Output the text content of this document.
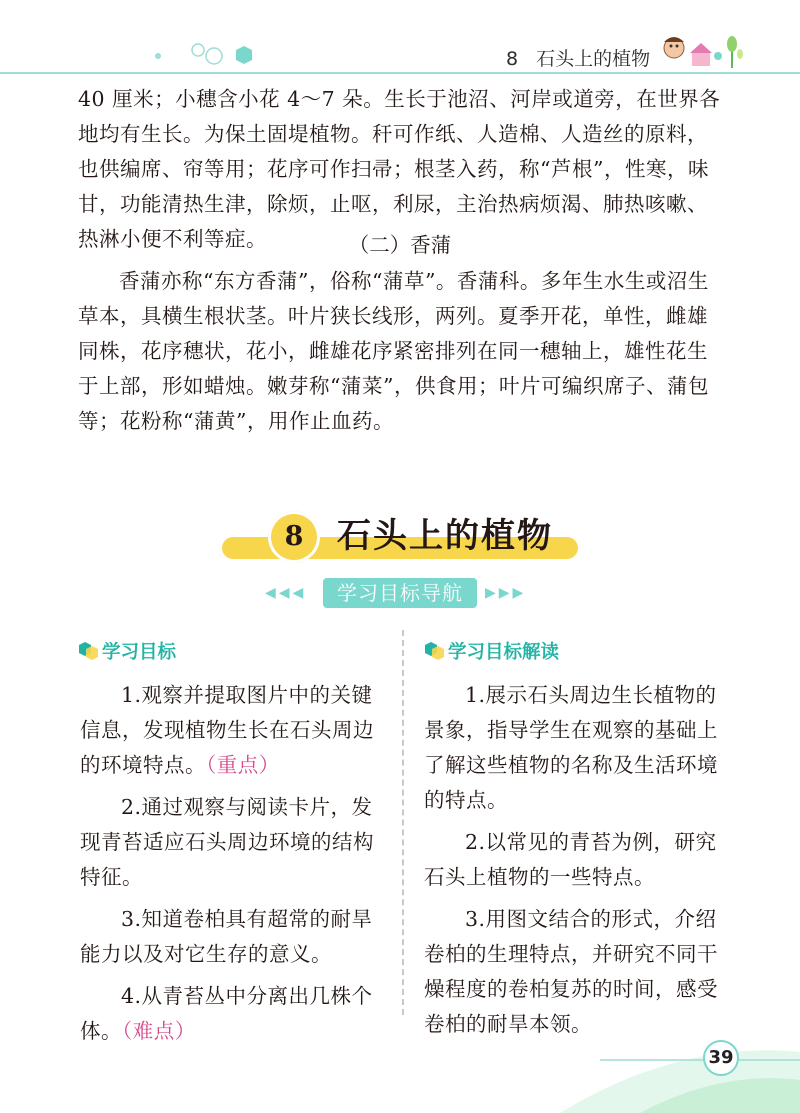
8 石头上的植物
40 厘米；小穗含小花 4～7 朵。生长于池沼、河岸或道旁，在世界各地均有生长。为保土固堤植物。秆可作纸、人造棉、人造丝的原料，也供编席、帘等用；花序可作扫帚；根茎入药，称“芦根”，性寒，味甘，功能清热生津，除烦，止呕，利尿，主治热病烦渴、肺热咳嗽、热淋小便不利等症。	（二）香蒲
香蒲亦称“东方香蒲”，俗称“蒲草”。香蒲科。多年生水生或沼生草本，具横生根状茎。叶片狭长线形，两列。夏季开花，单性，雌雄同株，花序穗状，花小，雌雄花序紧密排列在同一穗轴上，雄性花生于上部，形如蜡烛。嫩芽称“蒲菜”，供食用；叶片可编织席子、蒲包等；花粉称“蒲黄”，用作止血药。
8 石头上的植物
◀◀◀	学习目标导航	▶▶▶
学习目标
1.观察并提取图片中的关键信息，发现植物生长在石头周边的环境特点。（重点）
2.通过观察与阅读卡片，发现青苔适应石头周边环境的结构特征。
3.知道卷柏具有超常的耐旱能力以及对它生存的意义。
4.从青苔丛中分离出几株个体。（难点）
学习目标解读
1.展示石头周边生长植物的景象，指导学生在观察的基础上了解这些植物的名称及生活环境的特点。
2.以常见的青苔为例，研究石头上植物的一些特点。
3.用图文结合的形式，介绍卷柏的生理特点，并研究不同干燥程度的卷柏复苏的时间，感受卷柏的耐旱本领。
39
